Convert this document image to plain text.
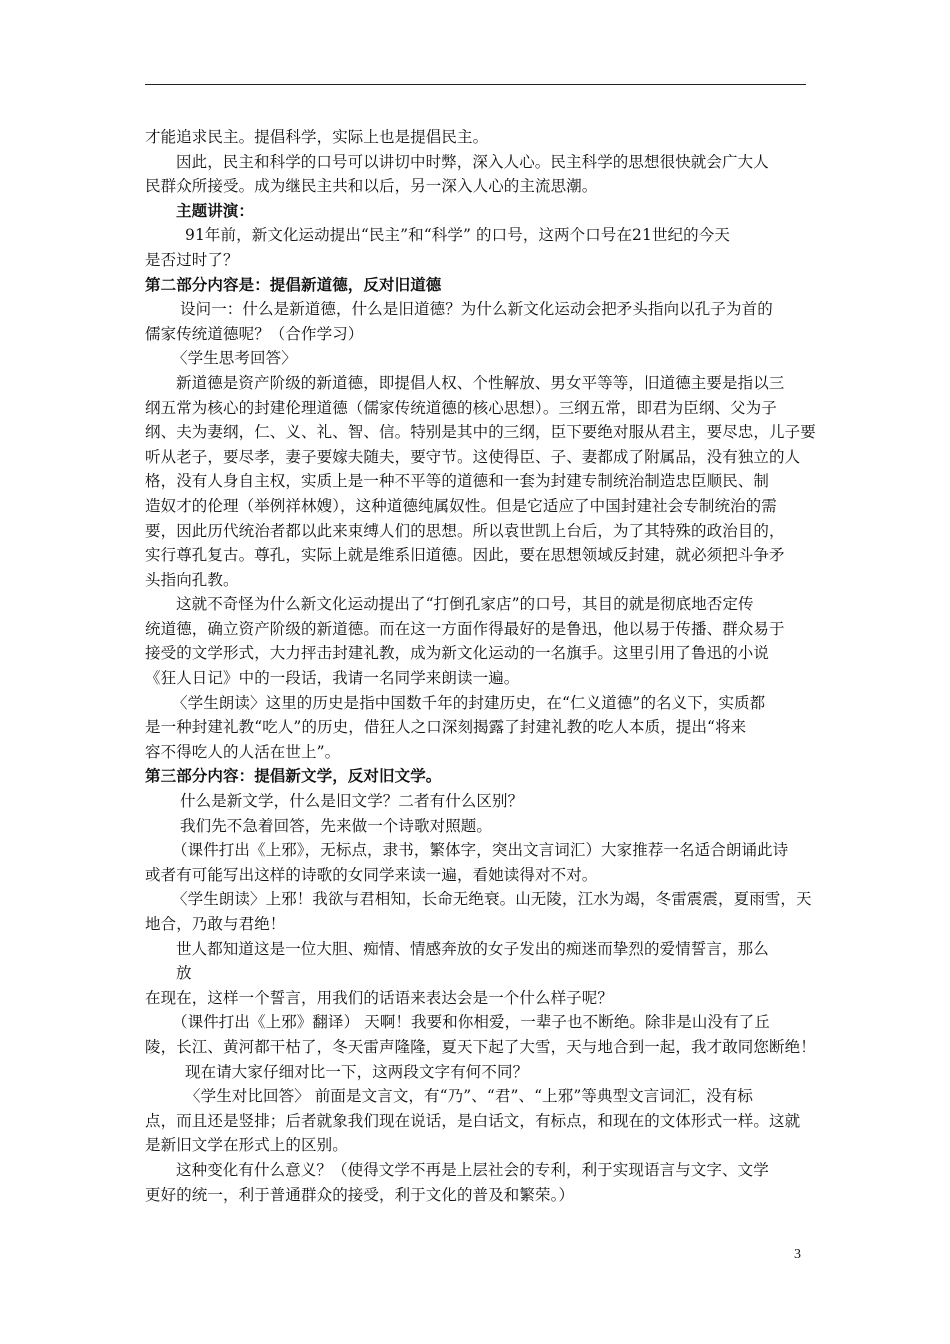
才能追求民主。提倡科学，实际上也是提倡民主。
因此，民主和科学的口号可以讲切中时弊，深入人心。民主科学的思想很快就会广大人
民群众所接受。成为继民主共和以后，另一深入人心的主流思潮。
主题讲演：
91年前，新文化运动提出“民主”和“科学” 的口号，这两个口号在21世纪的今天
是否过时了？
第二部分内容是：提倡新道德，反对旧道德
设问一：什么是新道德，什么是旧道德？为什么新文化运动会把矛头指向以孔子为首的
儒家传统道德呢？（合作学习）
〈学生思考回答〉
新道德是资产阶级的新道德，即提倡人权、个性解放、男女平等等，旧道德主要是指以三
纲五常为核心的封建伦理道德（儒家传统道德的核心思想）。三纲五常，即君为臣纲、父为子
纲、夫为妻纲，仁、义、礼、智、信。特别是其中的三纲，臣下要绝对服从君主，要尽忠，儿子要
听从老子，要尽孝，妻子要嫁夫随夫，要守节。这使得臣、子、妻都成了附属品，没有独立的人
格，没有人身自主权，实质上是一种不平等的道德和一套为封建专制统治制造忠臣顺民、制
造奴才的伦理（举例祥林嫂），这种道德纯属奴性。但是它适应了中国封建社会专制统治的需
要，因此历代统治者都以此来束缚人们的思想。所以袁世凯上台后，为了其特殊的政治目的，
实行尊孔复古。尊孔，实际上就是维系旧道德。因此，要在思想领域反封建，就必须把斗争矛
头指向孔教。
这就不奇怪为什么新文化运动提出了“打倒孔家店”的口号，其目的就是彻底地否定传
统道德，确立资产阶级的新道德。而在这一方面作得最好的是鲁迅，他以易于传播、群众易于
接受的文学形式，大力抨击封建礼教，成为新文化运动的一名旗手。这里引用了鲁迅的小说
《狂人日记》中的一段话，我请一名同学来朗读一遍。
〈学生朗读〉这里的历史是指中国数千年的封建历史，在“仁义道德”的名义下，实质都
是一种封建礼教“吃人”的历史，借狂人之口深刻揭露了封建礼教的吃人本质，提出“将来
容不得吃人的人活在世上”。
第三部分内容：提倡新文学，反对旧文学。
什么是新文学，什么是旧文学？二者有什么区别？
我们先不急着回答，先来做一个诗歌对照题。
（课件打出《上邪》，无标点，隶书，繁体字，突出文言词汇）大家推荐一名适合朗诵此诗
或者有可能写出这样的诗歌的女同学来读一遍，看她读得对不对。
〈学生朗读〉上邪！我欲与君相知，长命无绝衰。山无陵，江水为竭，冬雷震震，夏雨雪，天
地合，乃敢与君绝！
世人都知道这是一位大胆、痴情、情感奔放的女子发出的痴迷而挚烈的爱情誓言，那么
放
在现在，这样一个誓言，用我们的话语来表达会是一个什么样子呢？
（课件打出《上邪》翻译） 天啊！我要和你相爱，一辈子也不断绝。除非是山没有了丘
陵，长江、黄河都干枯了，冬天雷声隆隆，夏天下起了大雪，天与地合到一起，我才敢同您断绝！
现在请大家仔细对比一下，这两段文字有何不同？
〈学生对比回答〉 前面是文言文，有“乃”、“君”、“上邪”等典型文言词汇，没有标
点，而且还是竖排；后者就象我们现在说话，是白话文，有标点，和现在的文体形式一样。这就
是新旧文学在形式上的区别。
这种变化有什么意义？（使得文学不再是上层社会的专利，利于实现语言与文字、文学
更好的统一，利于普通群众的接受，利于文化的普及和繁荣。）
3
